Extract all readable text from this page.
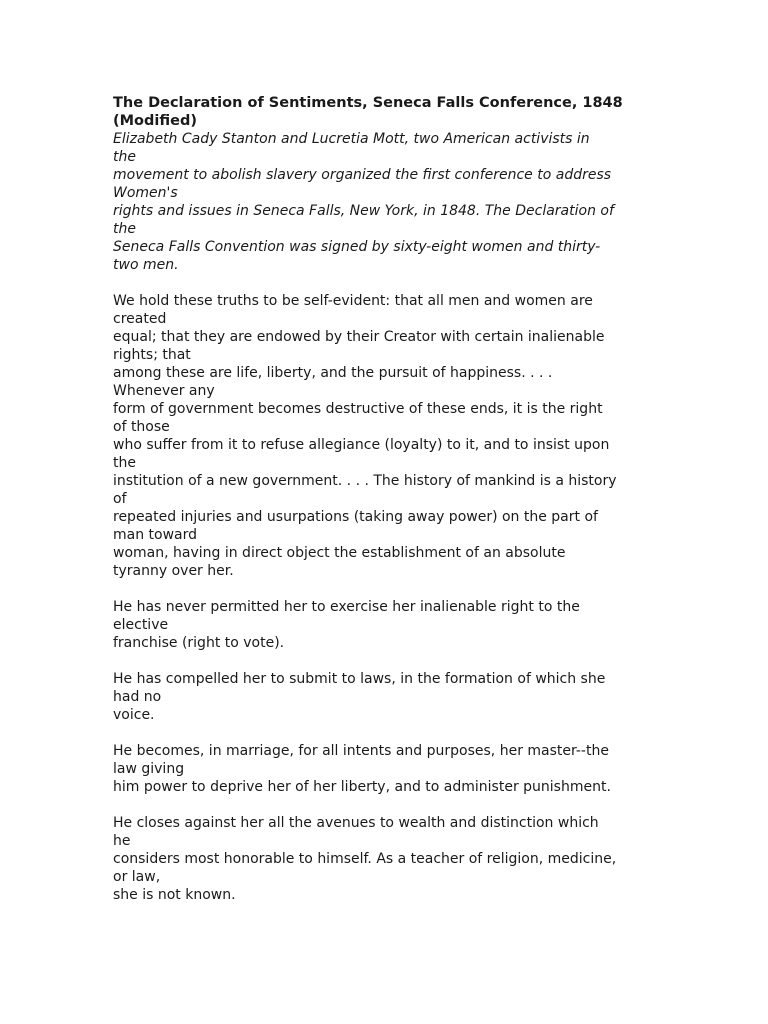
The Declaration of Sentiments, Seneca Falls Conference, 1848
(Modified)
Elizabeth Cady Stanton and Lucretia Mott, two American activists in
the
movement to abolish slavery organized the first conference to address
Women's
rights and issues in Seneca Falls, New York, in 1848. The Declaration of
the
Seneca Falls Convention was signed by sixty-eight women and thirty-
two men.
We hold these truths to be self-evident: that all men and women are
created
equal; that they are endowed by their Creator with certain inalienable
rights; that
among these are life, liberty, and the pursuit of happiness. . . .
Whenever any
form of government becomes destructive of these ends, it is the right
of those
who suffer from it to refuse allegiance (loyalty) to it, and to insist upon
the
institution of a new government. . . . The history of mankind is a history
of
repeated injuries and usurpations (taking away power) on the part of
man toward
woman, having in direct object the establishment of an absolute
tyranny over her.
He has never permitted her to exercise her inalienable right to the
elective
franchise (right to vote).
He has compelled her to submit to laws, in the formation of which she
had no
voice.
He becomes, in marriage, for all intents and purposes, her master--the
law giving
him power to deprive her of her liberty, and to administer punishment.
He closes against her all the avenues to wealth and distinction which
he
considers most honorable to himself. As a teacher of religion, medicine,
or law,
she is not known.
